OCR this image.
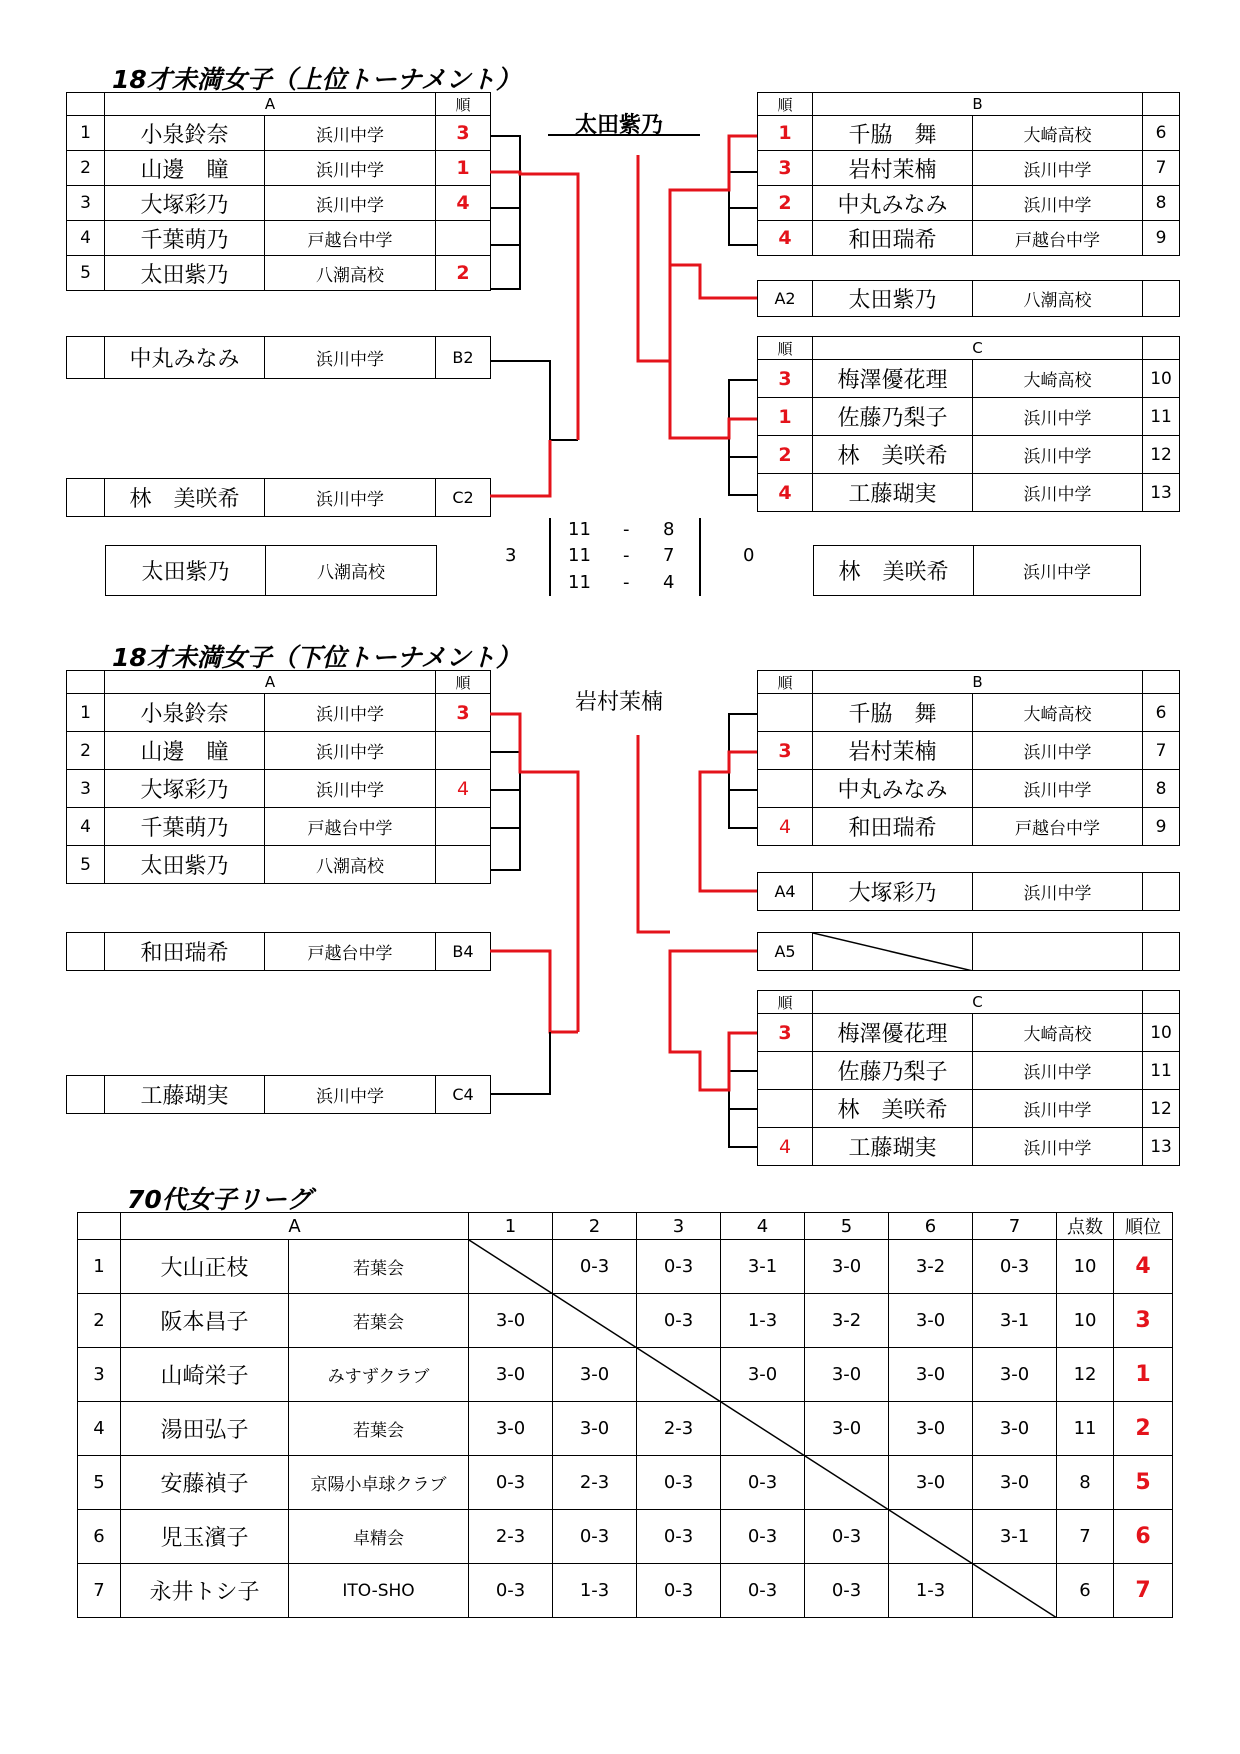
18才未満女子（上位トーナメント）
	A		順
1	小泉鈴奈	浜川中学	3
2	山邊　瞳	浜川中学	1
3	大塚彩乃	浜川中学	4
4	千葉萌乃	戸越台中学	
5	太田紫乃	八潮高校	2
	中丸みなみ	浜川中学	B2
	林　美咲希	浜川中学	C2
太田紫乃	八潮高校	林　美咲希	浜川中学
3	0
11 - 8
11 - 7
11 - 4
太田紫乃
順	B		
1	千脇　舞	大崎高校	6
3	岩村茉楠	浜川中学	7
2	中丸みなみ	浜川中学	8
4	和田瑞希	戸越台中学	9
A2	太田紫乃	八潮高校	
順	C		
3	梅澤優花理	大崎高校	10
1	佐藤乃梨子	浜川中学	11
2	林　美咲希	浜川中学	12
4	工藤瑚実	浜川中学	13
18才未満女子（下位トーナメント）
岩村茉楠
	A		順
1	小泉鈴奈	浜川中学	3
2	山邊　瞳	浜川中学	
3	大塚彩乃	浜川中学	4
4	千葉萌乃	戸越台中学	
5	太田紫乃	八潮高校	
	和田瑞希	戸越台中学	B4
	工藤瑚実	浜川中学	C4
順	B		
	千脇　舞	大崎高校	6
3	岩村茉楠	浜川中学	7
	中丸みなみ	浜川中学	8
4	和田瑞希	戸越台中学	9
A4	大塚彩乃	浜川中学	
A5	

順	C		
3	梅澤優花理	大崎高校	10
	佐藤乃梨子	浜川中学	11
	林　美咲希	浜川中学	12
4	工藤瑚実	浜川中学	13
70代女子リーグ
	A		1	2	3	4	5	6	7	点数	順位
1	大山正枝	若葉会		0-3	0-3	3-1	3-0	3-2	0-3	10	4
2	阪本昌子	若葉会	3-0		0-3	1-3	3-2	3-0	3-1	10	3
3	山崎栄子	みすずクラブ	3-0	3-0		3-0	3-0	3-0	3-0	12	1
4	湯田弘子	若葉会	3-0	3-0	2-3		3-0	3-0	3-0	11	2
5	安藤禎子	京陽小卓球クラブ	0-3	2-3	0-3	0-3		3-0	3-0	8	5
6	児玉濱子	卓精会	2-3	0-3	0-3	0-3	0-3		3-1	7	6
7	永井トシ子	ITO-SHO	0-3	1-3	0-3	0-3	0-3	1-3		6	7
